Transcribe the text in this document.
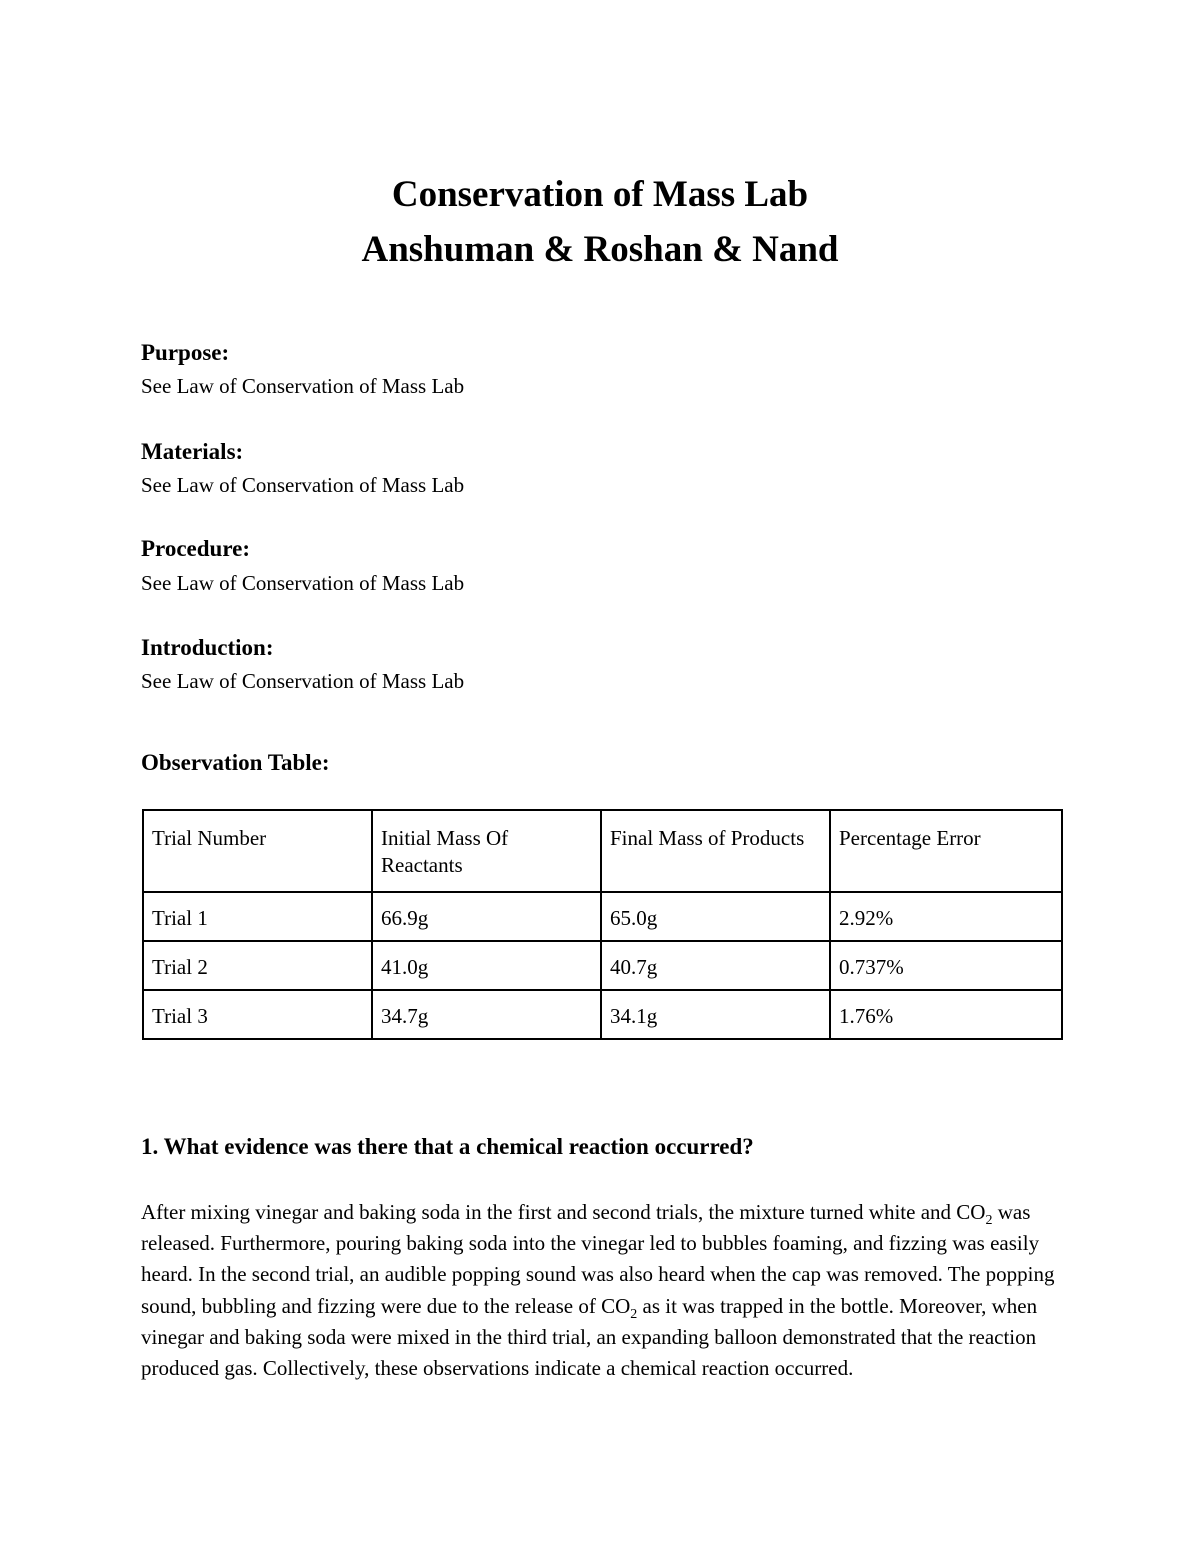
Conservation of Mass Lab
Anshuman & Roshan & Nand
Purpose:
See Law of Conservation of Mass Lab
Materials:
See Law of Conservation of Mass Lab
Procedure:
See Law of Conservation of Mass Lab
Introduction:
See Law of Conservation of Mass Lab
Observation Table:
Trial Number	Initial Mass Of Reactants	Final Mass of Products	Percentage Error
Trial 1	66.9g	65.0g	2.92%
Trial 2	41.0g	40.7g	0.737%
Trial 3	34.7g	34.1g	1.76%
1. What evidence was there that a chemical reaction occurred?

After mixing vinegar and baking soda in the first and second trials, the mixture turned white and $CO_2$ was released. Furthermore, pouring baking soda into the vinegar led to bubbles foaming, and fizzing was easily heard. In the second trial, an audible popping sound was also heard when the cap was removed. The popping sound, bubbling and fizzing were due to the release of $CO_2$ as it was trapped in the bottle. Moreover, when vinegar and baking soda were mixed in the third trial, an expanding balloon demonstrated that the reaction produced gas. Collectively, these observations indicate a chemical reaction occurred.
